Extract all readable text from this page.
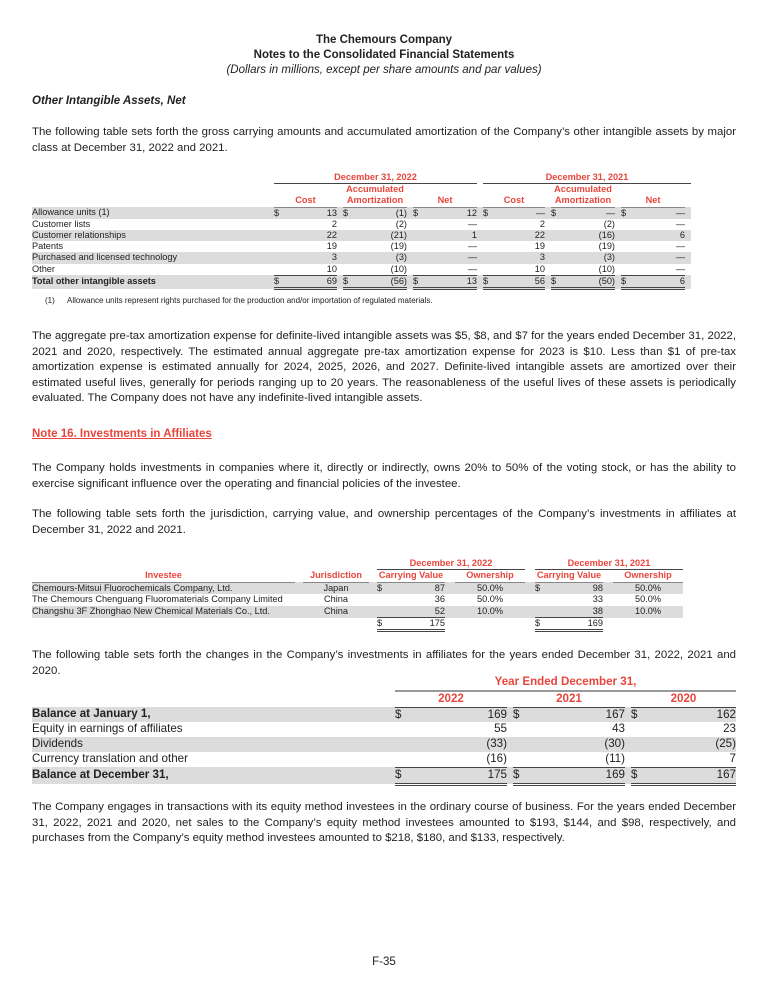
The Chemours Company
Notes to the Consolidated Financial Statements
(Dollars in millions, except per share amounts and par values)
Other Intangible Assets, Net
The following table sets forth the gross carrying amounts and accumulated amortization of the Company’s other intangible assets by major class at December 31, 2022 and 2021.
		December 31, 2022									December 31, 2021								
					Accumulated									Accumulated					
		Cost			Amortization			Net			Cost			Amortization			Net		
Allowance units (1)		$	13		$	(1)		$	12		$	—		$	—		$	—	
Customer lists			2			(2)			—			2			(2)			—	
Customer relationships			22			(21)			1			22			(16)			6	
Patents			19			(19)			—			19			(19)			—	
Purchased and licensed technology			3			(3)			—			3			(3)			—	
Other			10			(10)			—			10			(10)			—	
Total other intangible assets		$	69		$	(56)		$	13		$	56		$	(50)		$	6	
(1) Allowance units represent rights purchased for the production and/or importation of regulated materials.
The aggregate pre-tax amortization expense for definite-lived intangible assets was $5, $8, and $7 for the years ended December 31, 2022, 2021 and 2020, respectively. The estimated annual aggregate pre-tax amortization expense for 2023 is $10. Less than $1 of pre-tax amortization expense is estimated annually for 2024, 2025, 2026, and 2027. Definite-lived intangible assets are amortized over their estimated useful lives, generally for periods ranging up to 20 years. The reasonableness of the useful lives of these assets is periodically evaluated. The Company does not have any indefinite-lived intangible assets.
Note 16. Investments in Affiliates
The Company holds investments in companies where it, directly or indirectly, owns 20% to 50% of the voting stock, or has the ability to exercise significant influence over the operating and financial policies of the investee.
The following table sets forth the jurisdiction, carrying value, and ownership percentages of the Company’s investments in affiliates at December 31, 2022 and 2021.
				December 31, 2022					December 31, 2021			
Investee		Jurisdiction		Carrying Value			Ownership		Carrying Value			Ownership
Chemours-Mitsui Fluorochemicals Company, Ltd.		Japan		$	87		50.0%		$	98		50.0%
The Chemours Chenguang Fluoromaterials Company Limited		China			36		50.0%			33		50.0%
Changshu 3F Zhonghao New Chemical Materials Co., Ltd.		China			52		10.0%			38		10.0%
				$	175				$	169		
The following table sets forth the changes in the Company’s investments in affiliates for the years ended December 31, 2022, 2021 and 2020.
		Year Ended December 31,							
		2022			2021			2020	
Balance at January 1,		$	169		$	167		$	162
Equity in earnings of affiliates			55			43			23
Dividends			(33)			(30)			(25)
Currency translation and other			(16)			(11)			7
Balance at December 31,		$	175		$	169		$	167
The Company engages in transactions with its equity method investees in the ordinary course of business. For the years ended December 31, 2022, 2021 and 2020, net sales to the Company’s equity method investees amounted to $193, $144, and $98, respectively, and purchases from the Company’s equity method investees amounted to $218, $180, and $133, respectively.
F-35
